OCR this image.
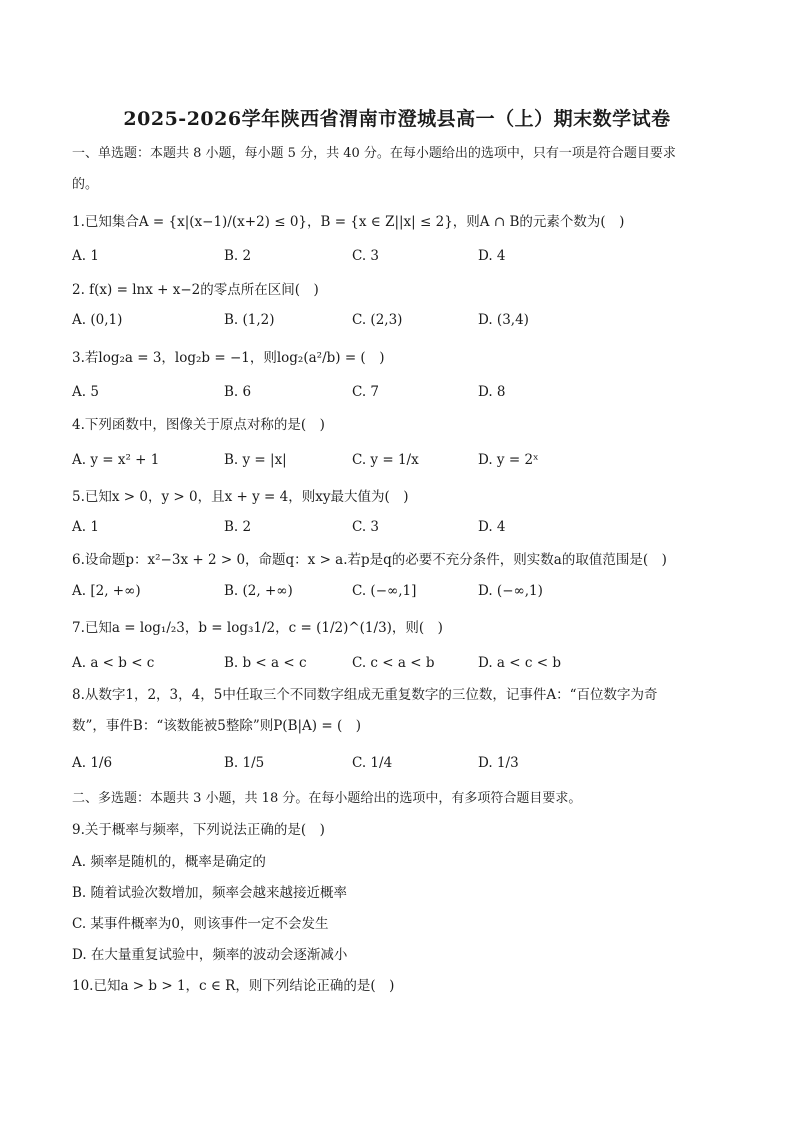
2025-2026学年陕西省渭南市澄城县高一（上）期末数学试卷
一、单选题：本题共 8 小题，每小题 5 分，共 40 分。在每小题给出的选项中，只有一项是符合题目要求
的。
1.已知集合A = {x|(x−1)/(x+2) ≤ 0}，B = {x ∈ Z||x| ≤ 2}，则A ∩ B的元素个数为(　)
A. 1	B. 2	C. 3	D. 4
2. f(x) = lnx + x−2的零点所在区间(　)
A. (0,1)	B. (1,2)	C. (2,3)	D. (3,4)
3.若log₂a = 3，log₂b = −1，则log₂(a²/b) = (　)
A. 5	B. 6	C. 7	D. 8
4.下列函数中，图像关于原点对称的是(　)
A. y = x² + 1	B. y = |x|	C. y = 1/x	D. y = 2ˣ
5.已知x > 0，y > 0，且x + y = 4，则xy最大值为(　)
A. 1	B. 2	C. 3	D. 4
6.设命题p：x²−3x + 2 > 0，命题q：x > a.若p是q的必要不充分条件，则实数a的取值范围是(　)
A. [2, +∞)	B. (2, +∞)	C. (−∞,1]	D. (−∞,1)
7.已知a = log₁/₂3，b = log₃1/2，c = (1/2)^(1/3)，则(　)
A. a < b < c	B. b < a < c	C. c < a < b	D. a < c < b
8.从数字1，2，3，4，5中任取三个不同数字组成无重复数字的三位数，记事件A：“百位数字为奇
数”，事件B：“该数能被5整除”则P(B|A) = (　)
A. 1/6	B. 1/5	C. 1/4	D. 1/3
二、多选题：本题共 3 小题，共 18 分。在每小题给出的选项中，有多项符合题目要求。
9.关于概率与频率，下列说法正确的是(　)
A. 频率是随机的，概率是确定的
B. 随着试验次数增加，频率会越来越接近概率
C. 某事件概率为0，则该事件一定不会发生
D. 在大量重复试验中，频率的波动会逐渐减小
10.已知a > b > 1，c ∈ R，则下列结论正确的是(　)
